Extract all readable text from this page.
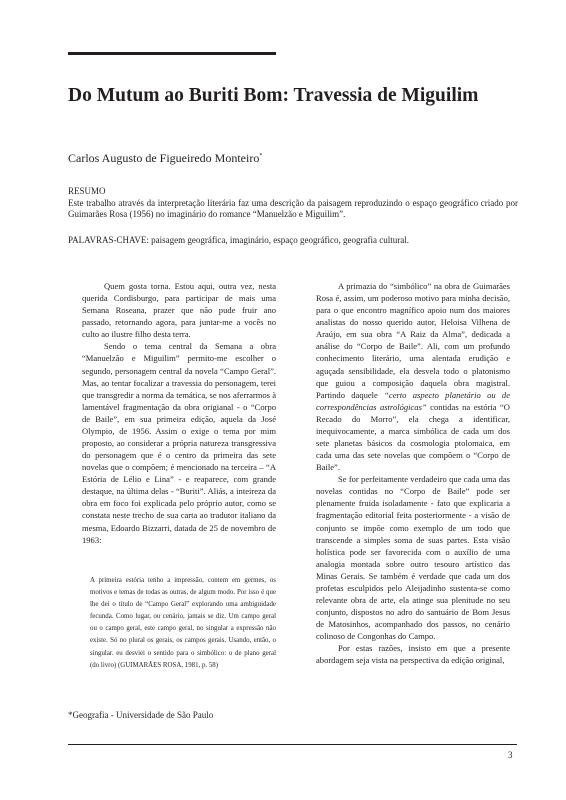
Do Mutum ao Buriti Bom: Travessia de Miguilim

Carlos Augusto de Figueiredo Monteiro*

RESUMO

Este trabalho através da interpretação literária faz uma descrição da paisagem reproduzindo o espaço geográfico criado por Guimarães Rosa (1956) no imaginário do romance “Manuelzão e Miguilim”.

PALAVRAS-CHAVE: paisagem geográfica, imaginário, espaço geográfico, geografia cultural.

Quem gosta torna. Estou aqui, outra vez, nesta querida Cordisburgo, para participar de mais uma Semana Roseana, prazer que não pude fruir ano passado, retornando agora, para juntar-me a vocês no culto ao ilustre filho desta terra.

Sendo o tema central da Semana a obra “Manuelzão e Miguilim” permito-me escolher o segundo, personagem central da novela “Campo Geral”. Mas, ao tentar focalizar a travessia do personagem, terei que transgredir a norma da temática, se nos aferrarmos à lamentável fragmentação da obra origianal - o “Corpo de Baile”, em sua primeira edição, aquela da José Olympio, de 1956. Assim o exige o tema por mim proposto, ao considerar a própria natureza transgressiva do personagem que é o centro da primeira das sete novelas que o compõem; é mencionado na terceira – “A Estória de Lélio e Lina” - e reaparece, com grande destaque, na última delas - “Buriti”. Aliás, a inteireza da obra em foco foi explicada pelo próprio autor, como se constata neste trecho de sua carta ao tradutor italiano da mesma, Edoardo Bizzarri, datada de 25 de novembro de 1963:

A primeira estória tenho a impressão, contem em germes, os motivos e temas de todas as outras, de algum modo. Por isso é que lhe dei o título de “Campo Geral” explorando uma ambiguidade fecunda. Como lugar, ou cenário, jamais se diz. Um campo geral ou o campo geral, este campo geral, no singular a expressão não existe. Só no plural os gerais, os campos gerais. Usando, então, o singular. eu desviei o sentido para o simbólico: o de plano geral (do livro) (GUIMARÃES ROSA, 1981, p. 58)

A primazia do “simbólico” na obra de Guimarães Rosa é, assim, um poderoso motivo para minha decisão, para o que encontro magnífico apoio num dos maiores analistas do nosso querido autor, Heloisa Vilhena de Araújo, em sua obra “A Raiz da Alma”, dedicada a análise do “Corpo de Baile”. Ali, com um profundo conhecimento literário, uma alentada erudição e aguçada sensibilidade, ela desvela todo o platonismo que guiou a composição daquela obra magistral. Partindo daquele “certo aspecto planetário ou de correspondências astrológicas” contidas na estória “O Recado do Morro”, ela chega a identificar, inequivocamente, a marca simbólica de cada um dos sete planetas básicos da cosmologia ptolomaica, em cada uma das sete novelas que compõem o “Corpo de Baile”.

Se for perfeitamente verdadeiro que cada uma das novelas contidas no “Corpo de Baile” pode ser plenamente fruida isoladamente - fato que explicaria a fragmentação editorial feita posteriormente - a visão de conjunto se impõe como exemplo de um todo que transcende a simples soma de suas partes. Esta visão holística pode ser favorecida com o auxílio de uma analogia montada sobre outro tesouro artístico das Minas Gerais. Se também é verdade que cada um dos profetas esculpidos pelo Aleijadinho sustenta-se como relevante obra de arte, ela atinge sua plenitude no seu conjunto, dispostos no adro do santuário de Bom Jesus de Matosinhos, acompanhado dos passos, no cenário colinoso de Congonhas do Campo.

Por estas razões, insisto em que a presente abordagem seja vista na perspectiva da edição original,

*Geografia - Universidade de São Paulo

3
